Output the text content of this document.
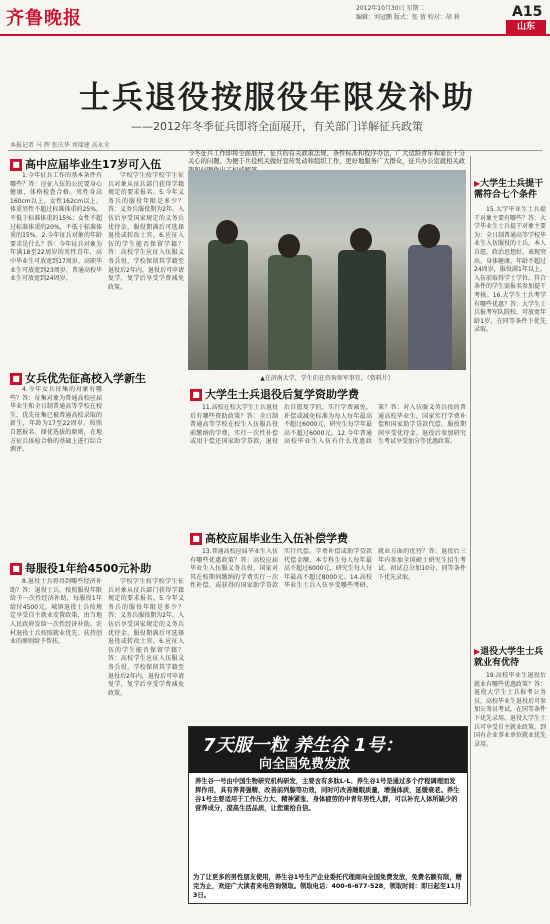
齐鲁晚报	2012年10月30日 星期二
编辑：刘冠鹏 版式：张 倩 校对：胡 莉	A15
山东
士兵退役按服役年限发补助
——2012年冬季征兵即将全面展开，有关部门详解征兵政策
本报记者 马 辉 张庆华 刘瑞建 高永全
■ 高中应届毕业生17岁可入伍

1.今年征兵工作的基本条件有哪些？答：应征入伍的公民要身心健康，体格检查合格。男性身高160cm以上，女性162cm以上。体重男性不超过标准体重的25%，不低于标准体重的15%；女性不超过标准体重的20%，不低于标准体重的15%。2.今年征兵对象的年龄要求是什么？答：今年征兵对象为年满18至22周岁的男性青年，高中毕业生可放宽到17周岁，高职毕业生可放宽到23周岁，普通高校毕业生可放宽到24周岁。

■ 女兵优先征高校入学新生

4.今年女兵征集的对象有哪些？答：征集对象为普通高校应届毕业生和全日制普通高等学校在校生，优先征集已被普通高校录取的新生，年龄为17至22周岁。按照自愿报名、择优选拔的原则，在地方征兵体检合格的基础上进行综合测评。

■ 每服役1年给4500元补助

8.退役士兵将得到哪些经济补助？答：退役士兵，按照服役年限给予一次性经济补助，每服役1年给付4500元。城镇退役士兵按规定享受自主就业安置政策，由当地人民政府发给一次性经济补助。农村退役士兵按照就业优先、扶持创业的原则给予帮扶。

学校学生按学校学生征兵对象从征兵部门获得学籍规定的要求报名。5.今年义务兵的服役年限是多少？答：义务兵服役期为2年，入伍后享受国家规定的义务兵优待金，服役期满后可选择退役或转改士官。6.应征入伍的学生能否保留学籍？答：高校学生应征入伍服义务兵役，学校保留其学籍至退役后2年内，退役后可申请复学，复学后享受学费减免政策。

学校学生按学校学生征兵对象从征兵部门获得学籍规定的要求报名。5.今年义务兵的服役年限是多少？答：义务兵服役期为2年，入伍后享受国家规定的义务兵优待金，服役期满后可选择退役或转改士官。6.应征入伍的学生能否保留学籍？答：高校学生应征入伍服义务兵役，学校保留其学籍至退役后2年内，退役后可申请复学，复学后享受学费减免政策。

今冬征兵工作即将全面展开，征兵的有关政策法规、条件标准和程序办法，广大适龄青年和家长十分关心的问题。为便于兵役机关做好宣传发动和组织工作，更好地服务广大群众，征兵办公室就相关政
▲在济南大学，学生们在咨询参军事宜。（资料片）
■ 大学生士兵退役后复学资助学费

11.高校在校大学生士兵退役后有哪些资助政策？答：全日制普通高等学校在校生入伍服兵役前缴纳的学费，实行一次性补偿或用于偿还国家助学贷款，退役后自愿复学的，实行学费减免。补偿或减免标准为每人每年最高不超过6000元，研究生每学年最高不超过6000元。12.今年普通高校毕业生入伍有什么优惠政策？答：对入伍服义务兵役的普通高校毕业生，国家实行学费补偿和国家助学贷款代偿，服役期间享受优待金。退役后参加研究生考试享受加分等优惠政策。

■ 高校应届毕业生入伍补偿学费

13.普通高校应届毕业生入伍有哪些优惠政策？答：高校应届毕业生入伍服义务兵役，国家对其在校期间缴纳的学费实行一次性补偿，或获得的国家助学贷款实行代偿。学费补偿或助学贷款代偿金额，本专科生每人每年最高不超过6000元，研究生每人每年最高不超过8000元。14.高校毕业生士兵入伍享受哪些考研、就业方面的优待？答：退役后三年内参加全国硕士研究生招生考试，初试总分加10分，同等条件下优先录取。

7天服一粒 养生谷 1号：
向全国免费发放
养生谷一号由中国生物研究机构研发，主要含有多肽L-L、养生谷1号是通过多个疗程调理而发挥作用，具有养肾强精、改善前列腺等功效，同时可改善睡眠质量，增强体质，延缓衰老。养生谷1号主要适用于工作压力大、精神紧张、身体疲劳的中青年男性人群，可以补充人体所缺少的营养成分，提高生活品质，让您重拾自信。
为了让更多的男性朋友使用，养生谷1号生产企业委托代理商向全国免费发放，免费名额有限，赠完为止，欢迎广大读者来电咨询领取。领取电话：400-6-677-528，领取时间：即日起至11月3日。
▶大学生士兵提干需符合七个条件

15.大学毕业生士兵提干对象主要有哪些？答：大学毕业生士兵提干对象主要为：全日制普通高等学校毕业生入伍服役的士兵，本人自愿，政治思想好，表现突出，身体健康，年龄不超过24周岁，服役满1年以上，入伍前取得学士学位。符合条件的学生需报名参加提干考核。16.大学生士兵考学有哪些优惠？答：大学生士兵报考军队院校，可放宽年龄1岁，在同等条件下优先录取。

▶退役大学生士兵就业有优待

19.高校毕业生退役后就业有哪些优惠政策？答：退役大学生士兵报考公务员，高校毕业生退役后可参加公务员考试，在同等条件下优先录用。退役大学生士兵可享受自主就业政策，到国有企业事业单位就业优先录用。
